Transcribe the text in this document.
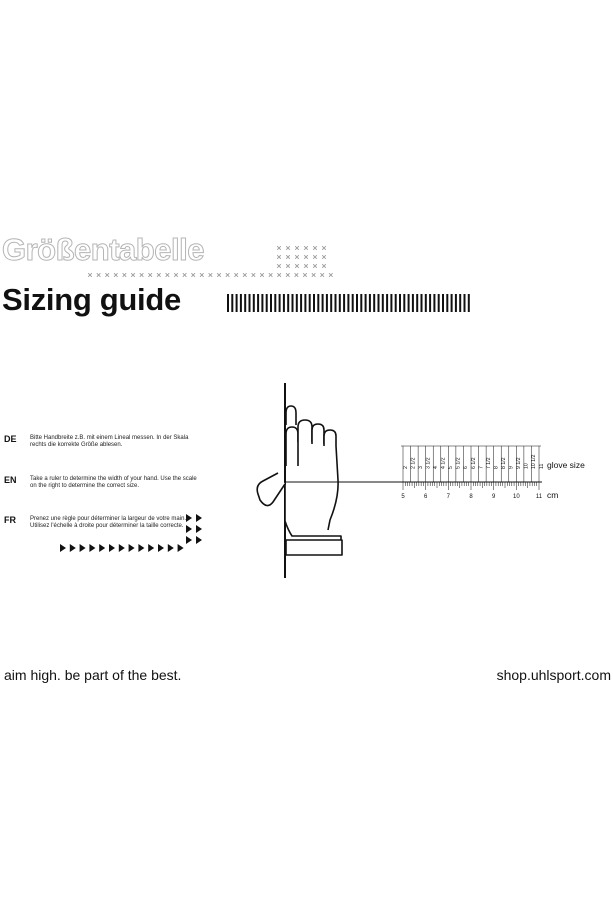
Größentabelle
Sizing guide
DE Bitte Handbreite z.B. mit einem Lineal messen. In der Skala rechts die korrekte Größe ablesen.
EN Take a ruler to determine the width of your hand. Use the scale on the right to determine the correct size.
FR Prenez une règle pour déterminer la largeur de votre main. Utilisez l'échelle à droite pour déterminer la taille correcte.
5	6	7	8	9	10	11
2 2 1/2 3 3 1/2 4 4 1/2 5 5 1/2 6 6 1/2 7 7 1/2 8 8 1/2 9 9 1/2 10 10 1/2 11 glove size
cm
aim high. be part of the best.	shop.uhlsport.com
